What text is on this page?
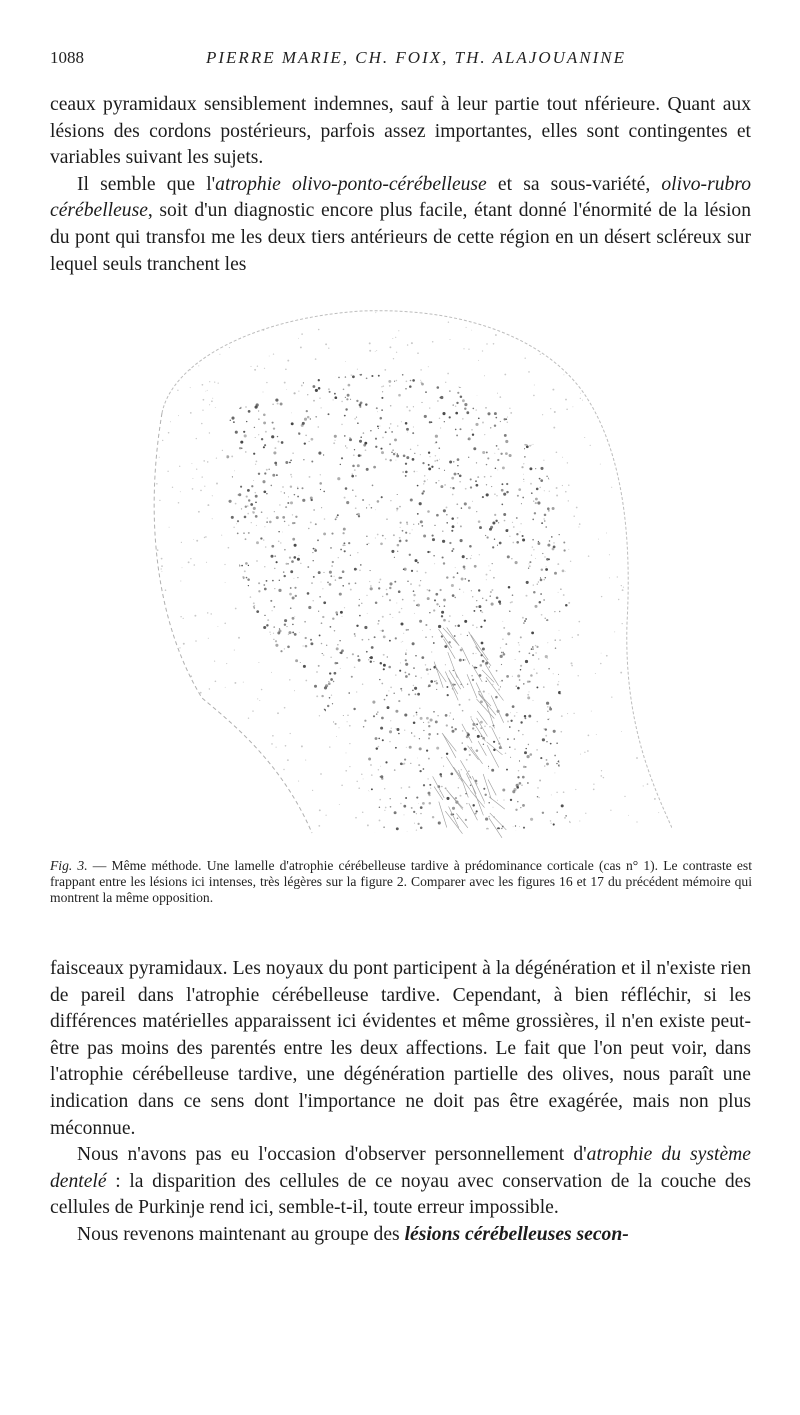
1088	PIERRE MARIE, CH. FOIX, TH. ALAJOUANINE

ceaux pyramidaux sensiblement indemnes, sauf à leur partie tout nférieure. Quant aux lésions des cordons postérieurs, parfois assez importantes, elles sont contingentes et variables suivant les sujets.

Il semble que l'atrophie olivo-ponto-cérébelleuse et sa sous-variété, olivo-rubro cérébelleuse, soit d'un diagnostic encore plus facile, étant donné l'énormité de la lésion du pont qui transfoı me les deux tiers antérieurs de cette région en un désert scléreux sur lequel seuls tranchent les

Fig. 3. — Même méthode. Une lamelle d'atrophie cérébelleuse tardive à prédominance corticale (cas n° 1). Le contraste est frappant entre les lésions ici intenses, très légères sur la figure 2. Comparer avec les figures 16 et 17 du précédent mémoire qui montrent la même opposition.

faisceaux pyramidaux. Les noyaux du pont participent à la dégénération et il n'existe rien de pareil dans l'atrophie cérébelleuse tardive. Cependant, à bien réfléchir, si les différences matérielles apparaissent ici évidentes et même grossières, il n'en existe peut-être pas moins des parentés entre les deux affections. Le fait que l'on peut voir, dans l'atrophie cérébelleuse tardive, une dégénération partielle des olives, nous paraît une indication dans ce sens dont l'importance ne doit pas être exagérée, mais non plus méconnue.

Nous n'avons pas eu l'occasion d'observer personnellement d'atrophie du système dentelé : la disparition des cellules de ce noyau avec conservation de la couche des cellules de Purkinje rend ici, semble-t-il, toute erreur impossible.

Nous revenons maintenant au groupe des lésions cérébelleuses secon-
